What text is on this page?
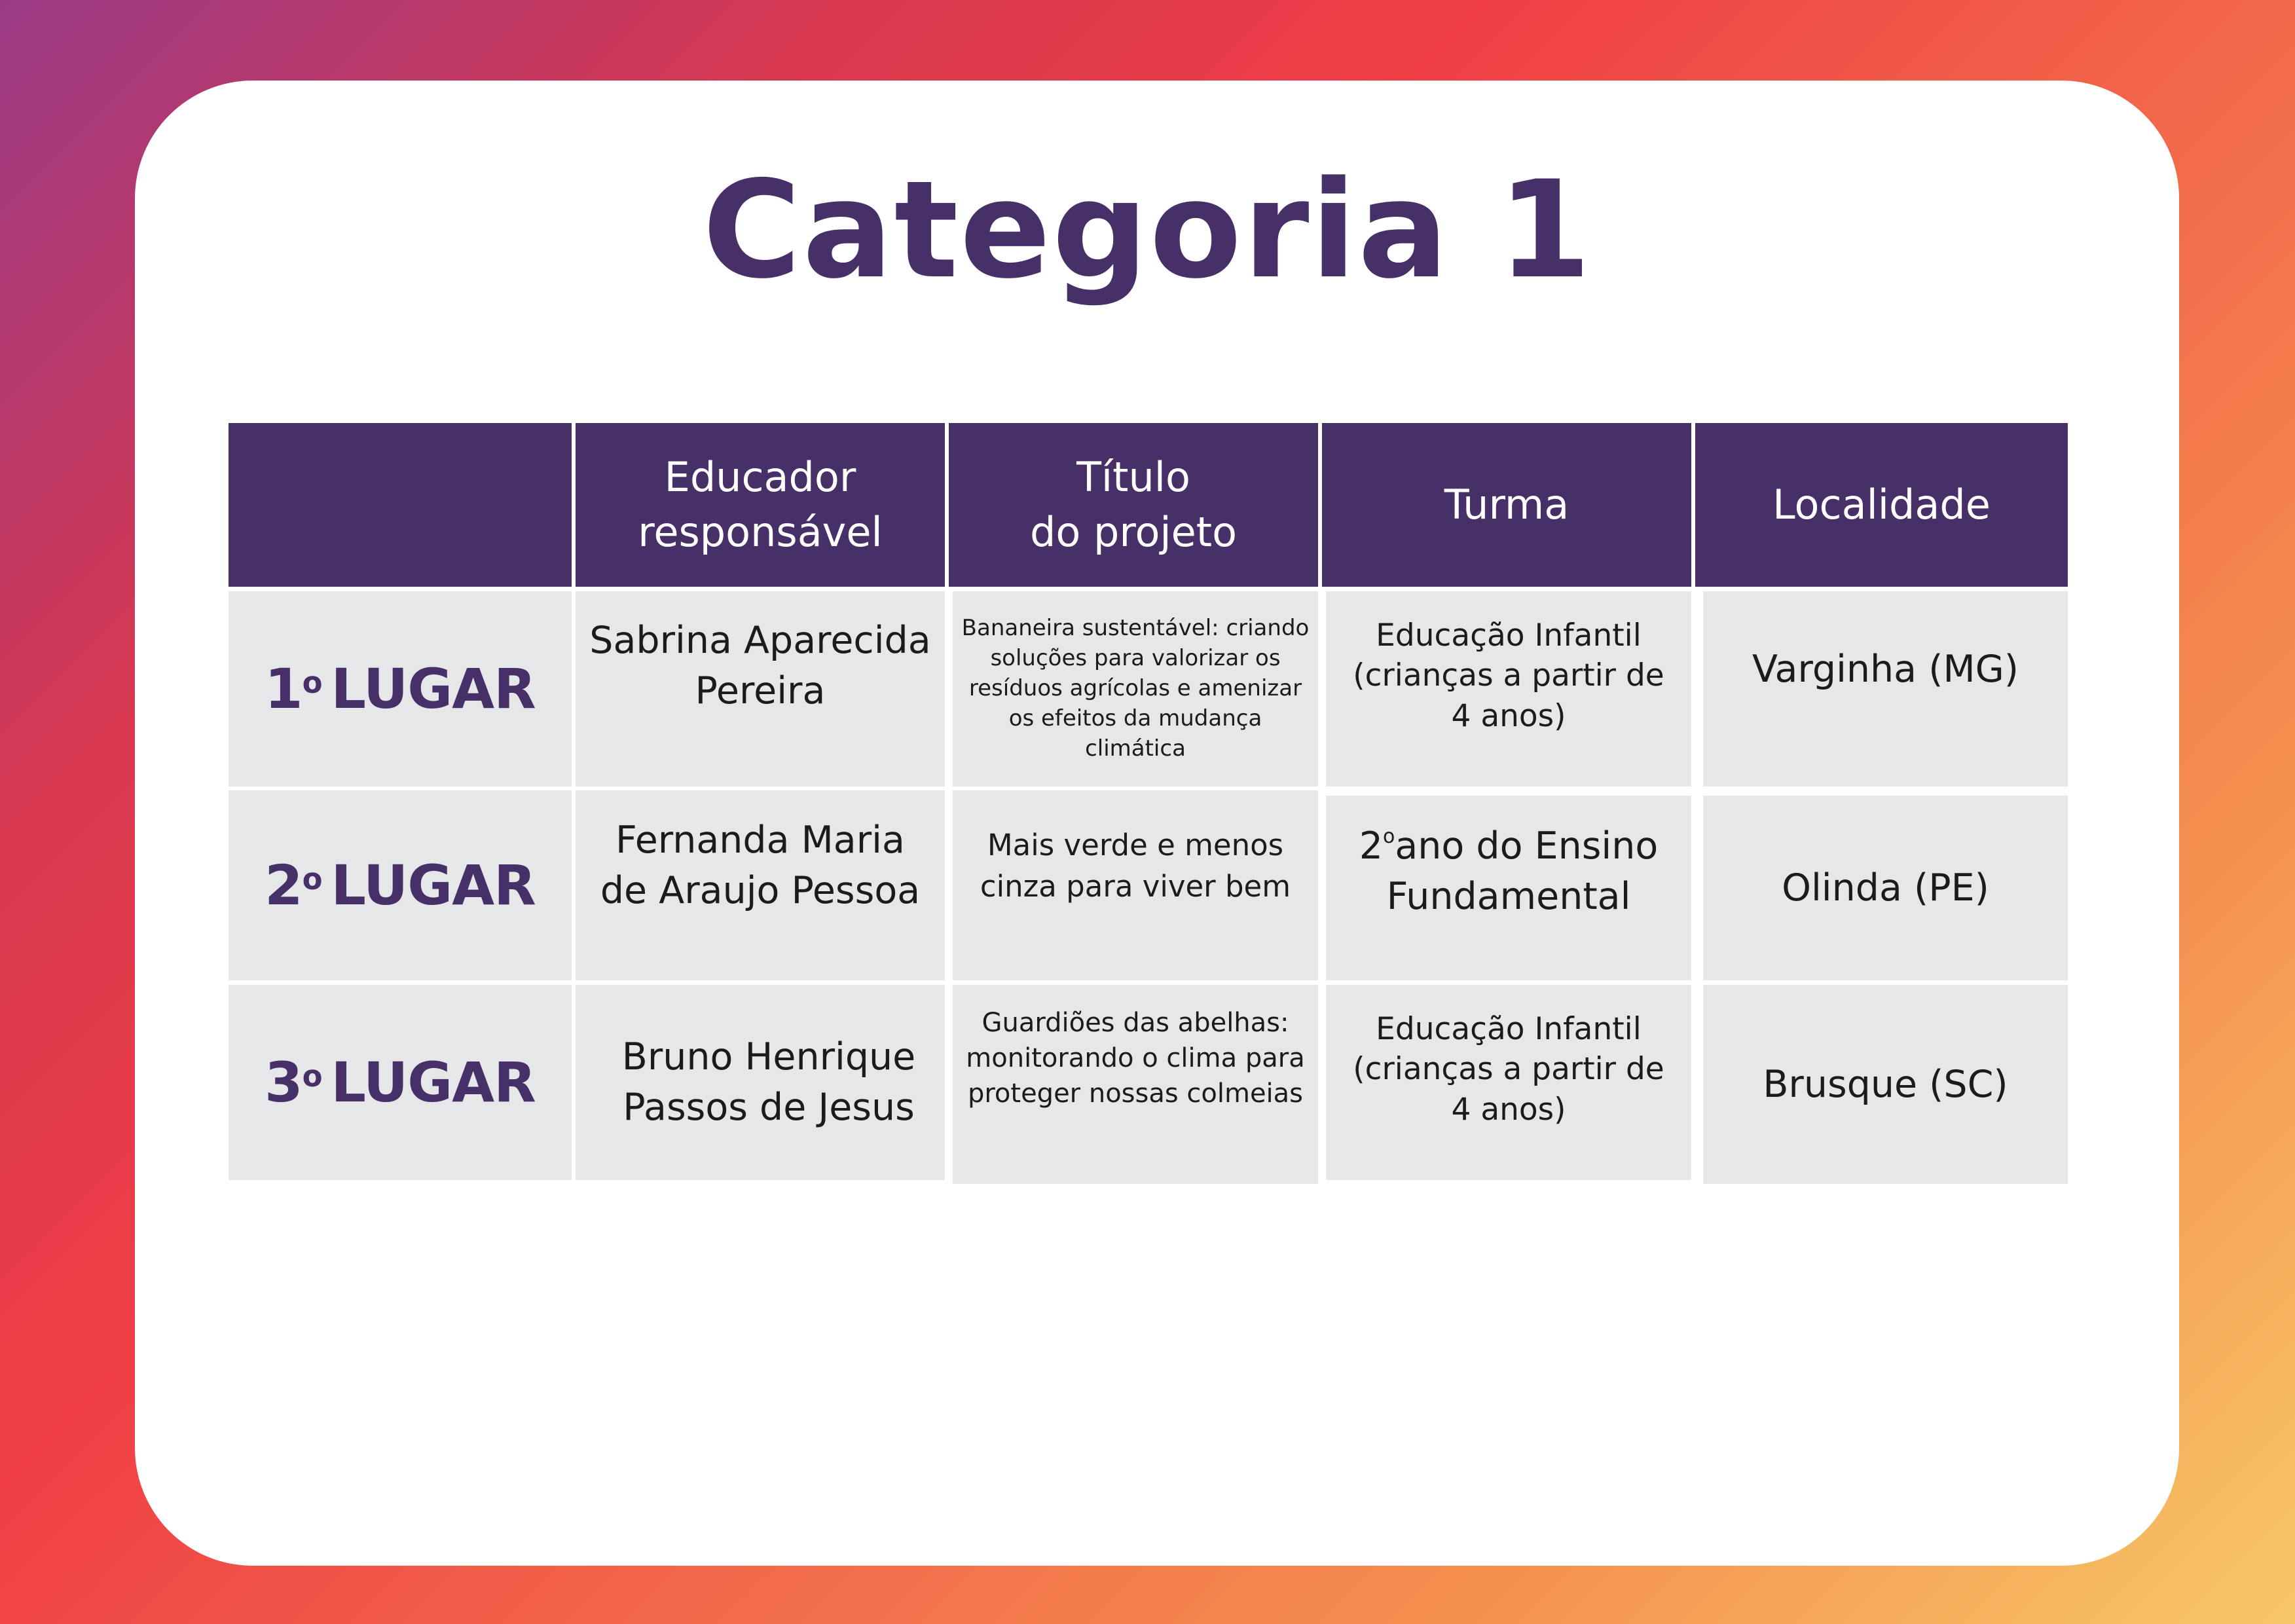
Categoria 1
Educador
responsável
Título
do projeto
Turma	Localidade
1$^o$ LUGAR
Sabrina Aparecida
Pereira
Bananeira sustentável: criando
soluções para valorizar os
resíduos agrícolas e amenizar
os efeitos da mudança
climática
Educação Infantil
(crianças a partir de
4 anos)
Varginha (MG)
2$^o$ LUGAR
Fernanda Maria
de Araujo Pessoa
Mais verde e menos
cinza para viver bem
2$^o$ano do Ensino
Fundamental	Olinda (PE)
3$^o$ LUGAR Bruno Henrique
Passos de Jesus
Guardiões das abelhas:
monitorando o clima para
proteger nossas colmeias
Educação Infantil
(crianças a partir de
4 anos)
Brusque (SC)
